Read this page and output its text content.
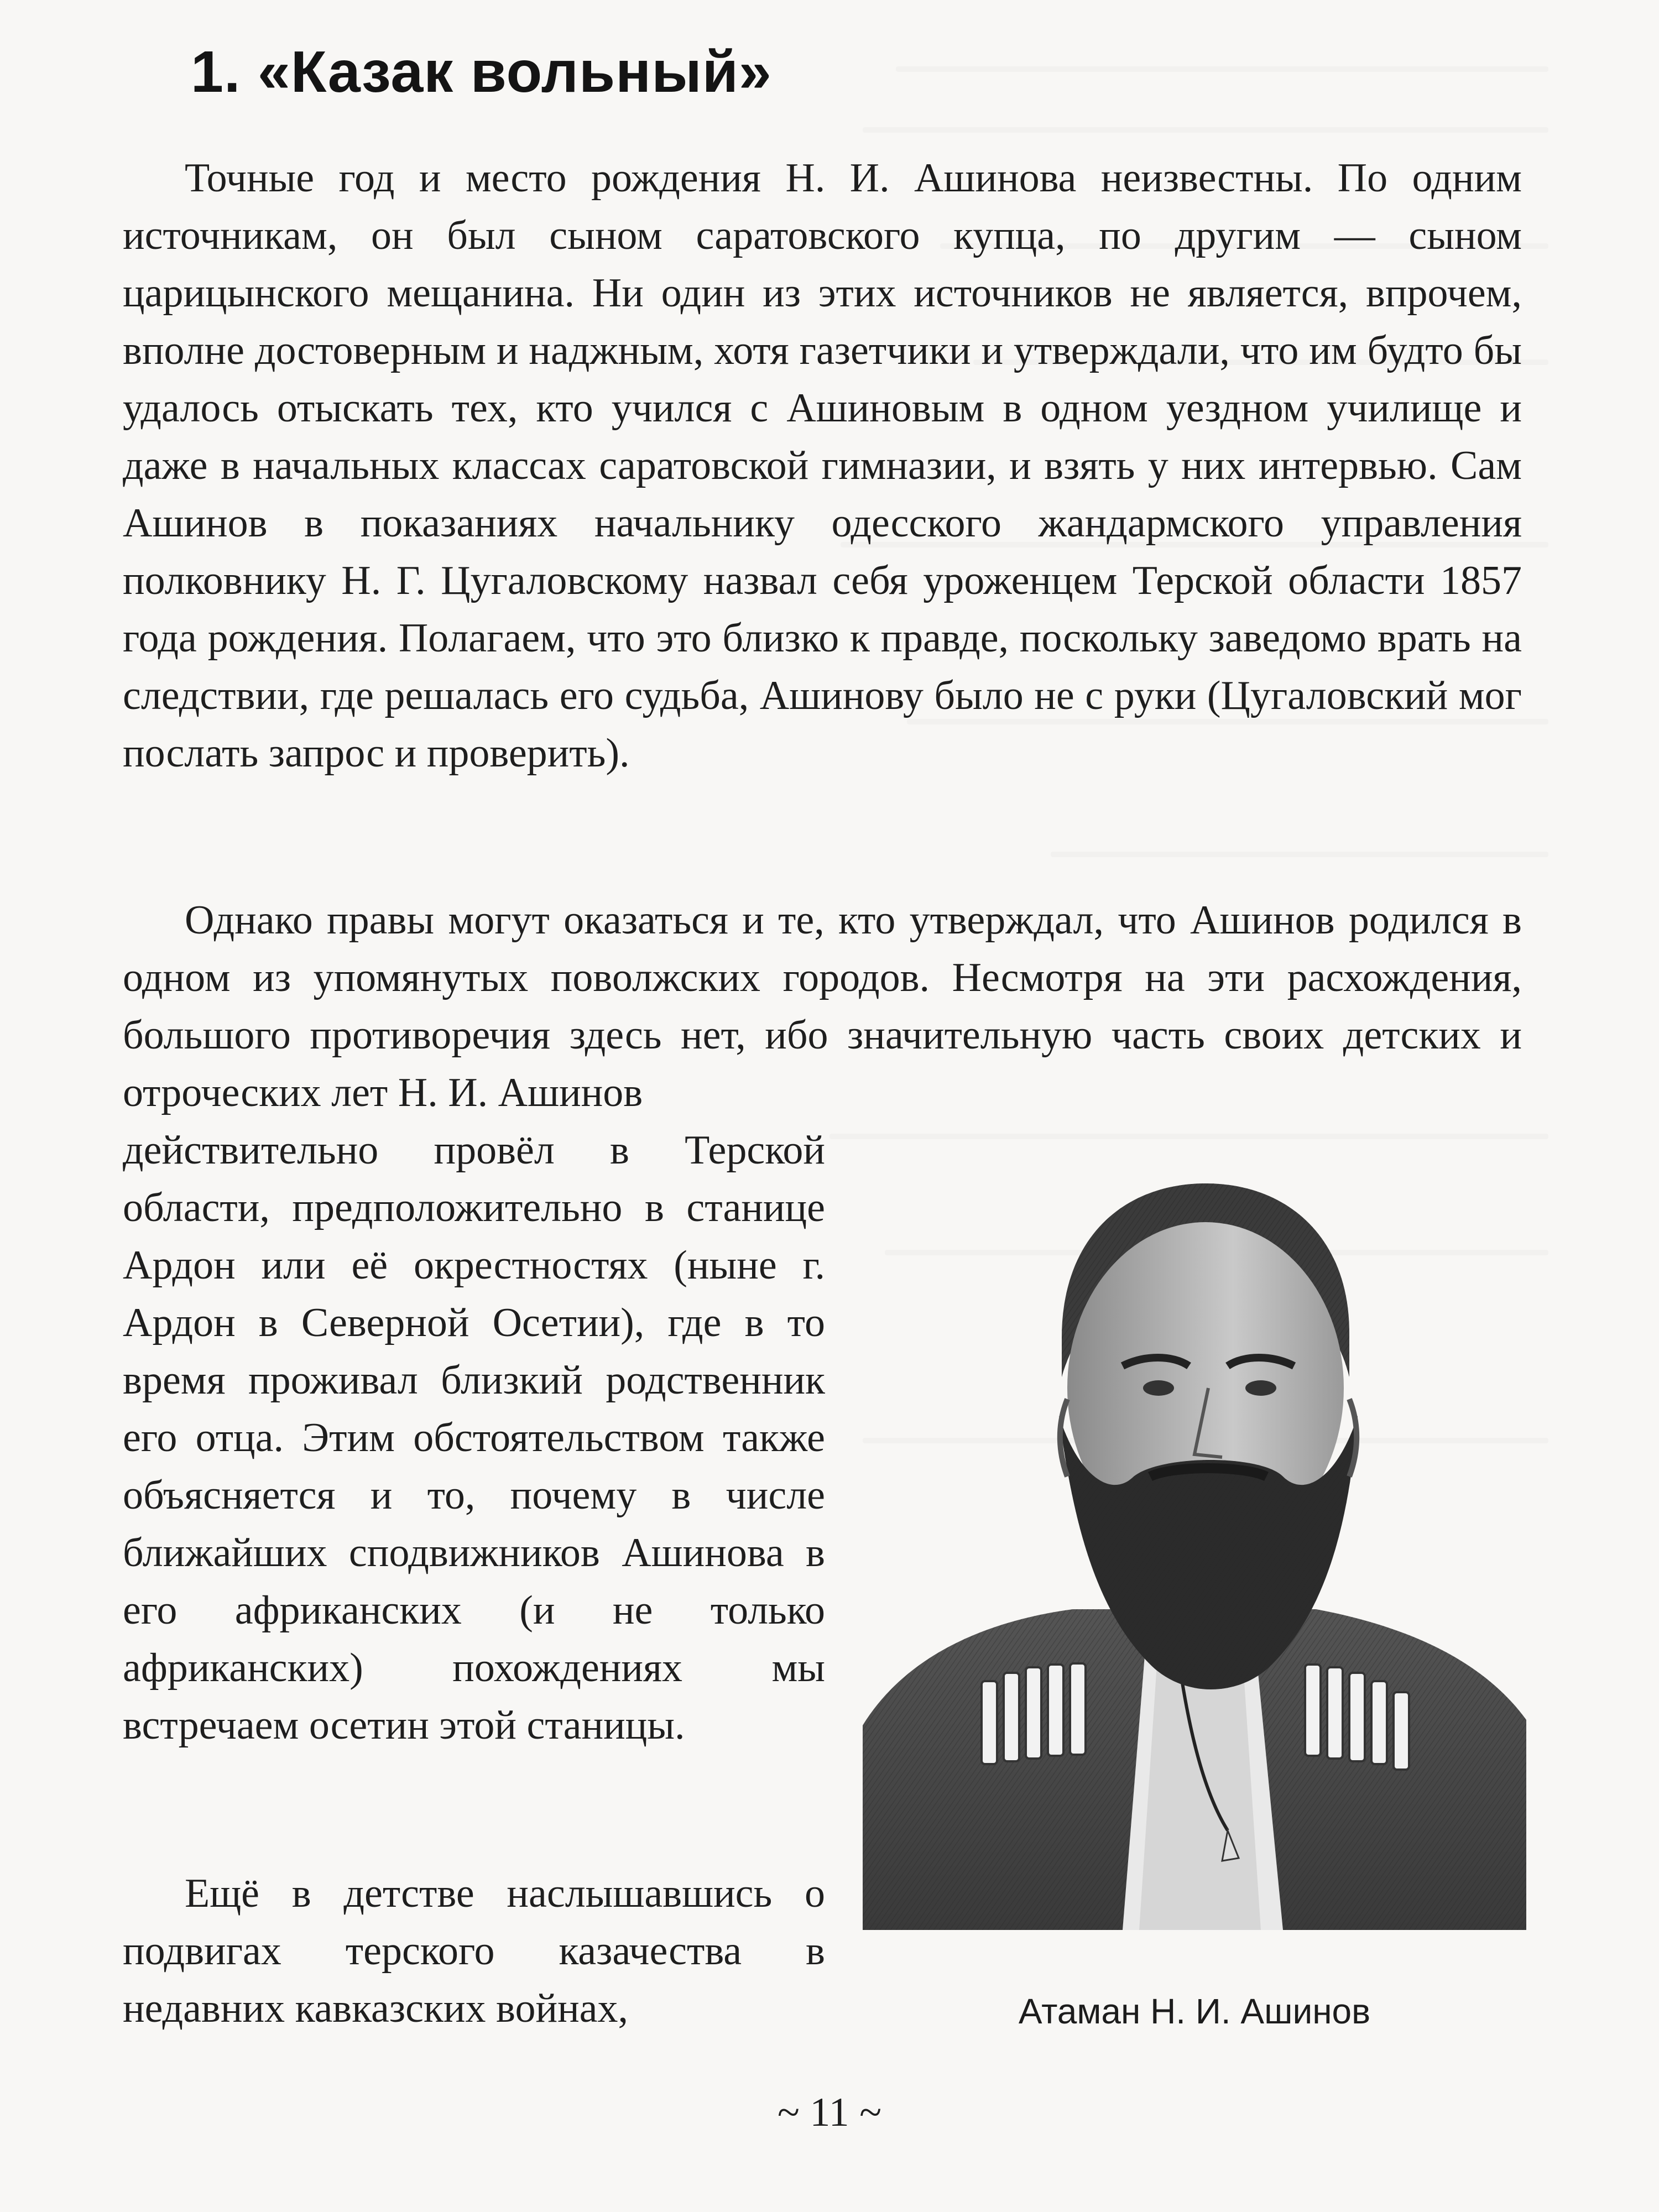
1. «Казак вольный»

Точные год и место рождения Н. И. Ашинова неизвестны. По одним источникам, он был сыном саратовского купца, по другим — сыном царицынского мещанина. Ни один из этих источников не является, впрочем, вполне достоверным и наджным, хотя газетчики и утверждали, что им будто бы удалось отыскать тех, кто учился с Ашиновым в одном уездном училище и даже в начальных классах саратовской гимназии, и взять у них интервью. Сам Ашинов в показаниях начальнику одесского жандармского управления полковнику Н. Г. Цугаловскому назвал себя уроженцем Терской области 1857 года рождения. Полагаем, что это близко к правде, поскольку заведомо врать на следствии, где решалась его судьба, Ашинову было не с руки (Цугаловский мог послать запрос и проверить).

Однако правы могут оказаться и те, кто утверждал, что Ашинов родился в одном из упомянутых поволжских городов. Несмотря на эти расхождения, большого противоречия здесь нет, ибо значительную часть своих детских и отроческих лет Н. И. Ашинов

действительно провёл в Терской области, предположительно в станице Ардон или её окрестностях (ныне г. Ардон в Северной Осетии), где в то время проживал близкий родственник его отца. Этим обстоятельством также объясняется и то, почему в числе ближайших сподвижников Ашинова в его африканских (и не только африканских) похождениях мы встречаем осетин этой станицы.

Ещё в детстве наслышавшись о подвигах терского казачества в недавних кавказских войнах,	Атаман Н. И. Ашинов
~ 11 ~
